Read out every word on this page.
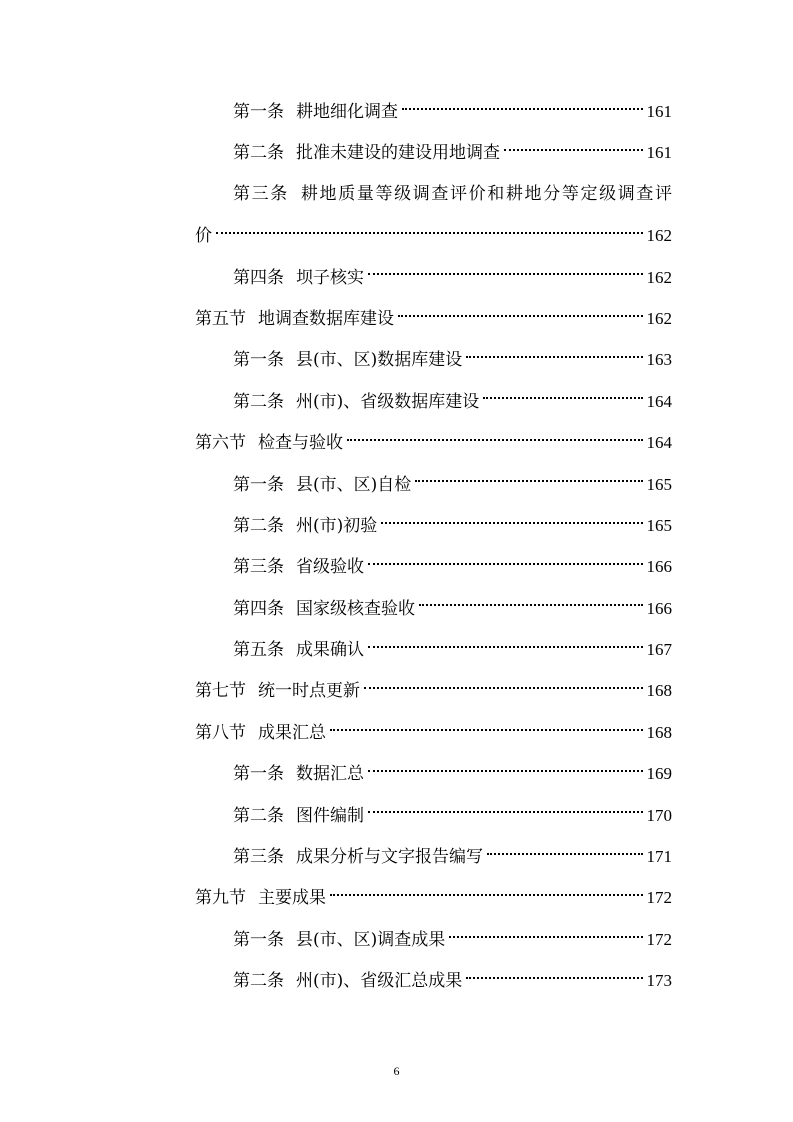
第一条 耕地细化调查	161
第二条 批准未建设的建设用地调查	161
第三条 耕地质量等级调查评价和耕地分等定级调查评
价	162
第四条 坝子核实	162
第五节 地调查数据库建设	162
第一条 县(市、区)数据库建设	163
第二条 州(市)、省级数据库建设	164
第六节 检查与验收	164
第一条 县(市、区)自检	165
第二条 州(市)初验	165
第三条 省级验收	166
第四条 国家级核查验收	166
第五条 成果确认	167
第七节 统一时点更新	168
第八节 成果汇总	168
第一条 数据汇总	169
第二条 图件编制	170
第三条 成果分析与文字报告编写	171
第九节 主要成果	172
第一条 县(市、区)调查成果	172
第二条 州(市)、省级汇总成果	173
6
